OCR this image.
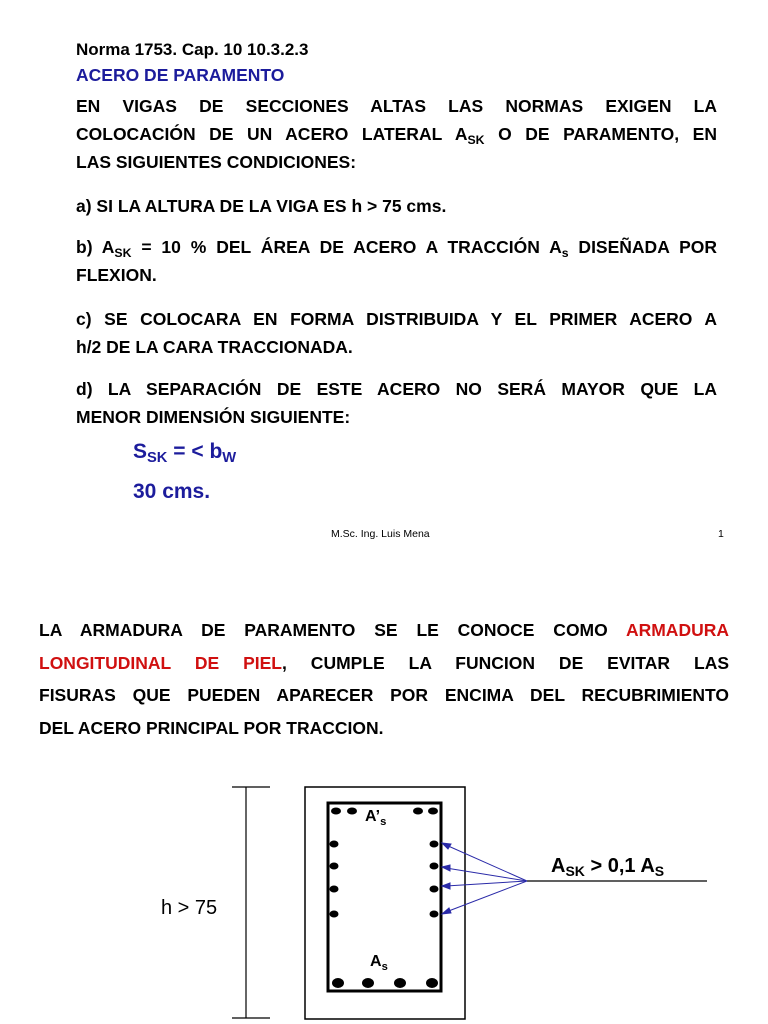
Norma 1753. Cap. 10 10.3.2.3
ACERO DE PARAMENTO
EN VIGAS DE SECCIONES ALTAS LAS NORMAS EXIGEN LA
COLOCACIÓN DE UN ACERO LATERAL $A_{SK}$ O DE PARAMENTO, EN
LAS SIGUIENTES CONDICIONES:
a) SI LA ALTURA DE LA VIGA ES h > 75 cms.
b) $A_{SK} = 10$ % DEL ÁREA DE ACERO A TRACCIÓN $A_s$ DISEÑADA POR
FLEXION.
c) SE COLOCARA EN FORMA DISTRIBUIDA Y EL PRIMER ACERO A
h/2 DE LA CARA TRACCIONADA.
d) LA SEPARACIÓN DE ESTE ACERO NO SERÁ MAYOR QUE LA
MENOR DIMENSIÓN SIGUIENTE:
$S_{SK}$ = < $b_W$
30 cms.
M.Sc. Ing. Luis Mena	1
LA ARMADURA DE PARAMENTO SE LE CONOCE COMO ARMADURA
LONGITUDINAL DE PIEL, CUMPLE LA FUNCION DE EVITAR LAS
FISURAS QUE PUEDEN APARECER POR ENCIMA DEL RECUBRIMIENTO
DEL ACERO PRINCIPAL POR TRACCION.
h > 75
$A’_s$
$A_s$
$A_{SK} > 0,1$ $A_S$
